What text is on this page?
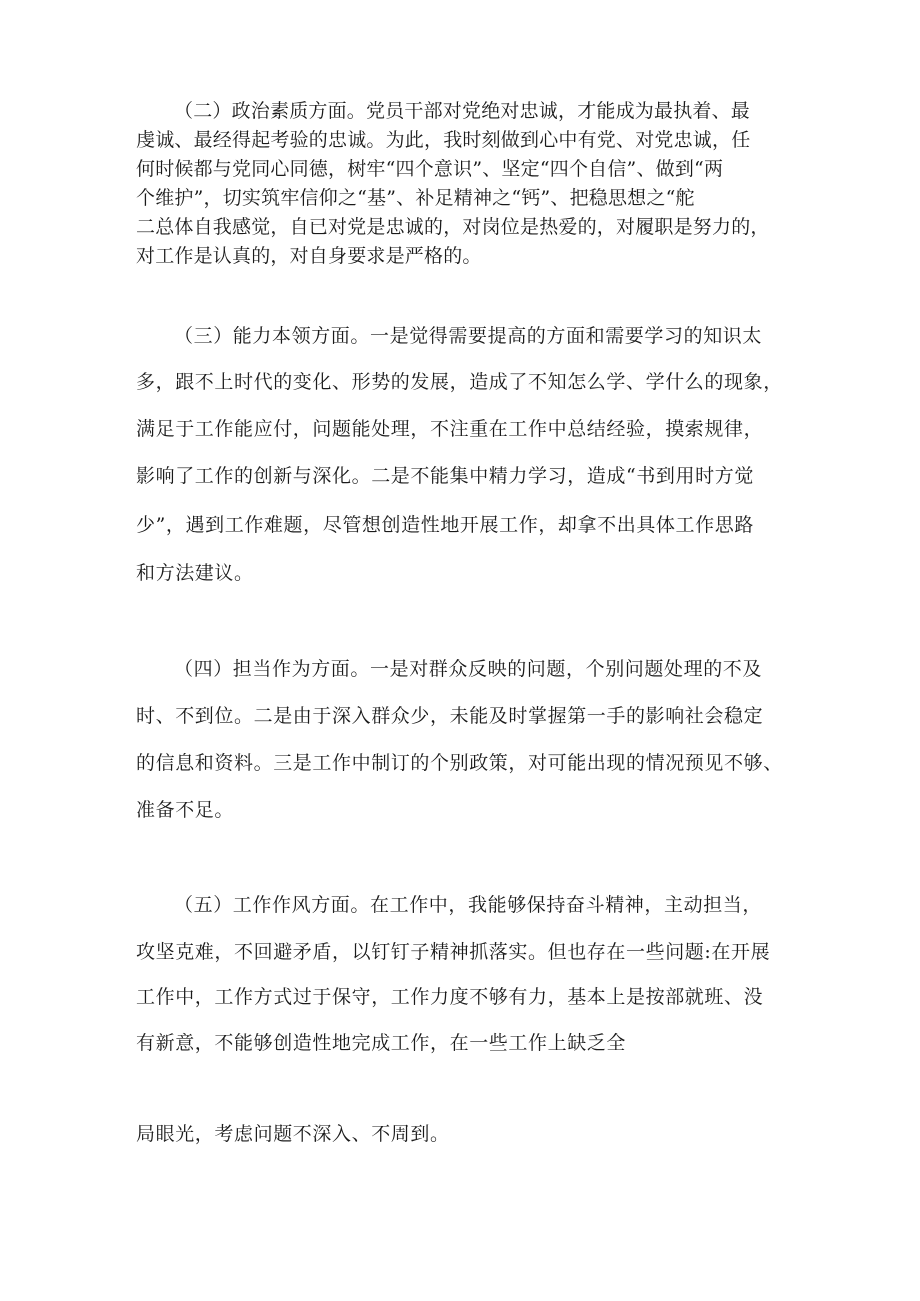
（二）政治素质方面。党员干部对党绝对忠诚，才能成为最执着、最
虔诚、最经得起考验的忠诚。为此，我时刻做到心中有党、对党忠诚，任
何时候都与党同心同德，树牢“四个意识”、坚定“四个自信”、做到“两
个维护”，切实筑牢信仰之“基”、补足精神之“钙”、把稳思想之“舵
二总体自我感觉，自已对党是忠诚的，对岗位是热爱的，对履职是努力的，
对工作是认真的，对自身要求是严格的。
（三）能力本领方面。一是觉得需要提高的方面和需要学习的知识太
多，跟不上时代的变化、形势的发展，造成了不知怎么学、学什么的现象，
满足于工作能应付，问题能处理，不注重在工作中总结经验，摸索规律，
影响了工作的创新与深化。二是不能集中精力学习，造成“书到用时方觉
少”，遇到工作难题，尽管想创造性地开展工作，却拿不出具体工作思路
和方法建议。
（四）担当作为方面。一是对群众反映的问题，个别问题处理的不及
时、不到位。二是由于深入群众少，未能及时掌握第一手的影响社会稳定
的信息和资料。三是工作中制订的个别政策，对可能出现的情况预见不够、
准备不足。
（五）工作作风方面。在工作中，我能够保持奋斗精神，主动担当，
攻坚克难，不回避矛盾，以钉钉子精神抓落实。但也存在一些问题:在开展
工作中，工作方式过于保守，工作力度不够有力，基本上是按部就班、没
有新意，不能够创造性地完成工作，在一些工作上缺乏全
局眼光，考虑问题不深入、不周到。
